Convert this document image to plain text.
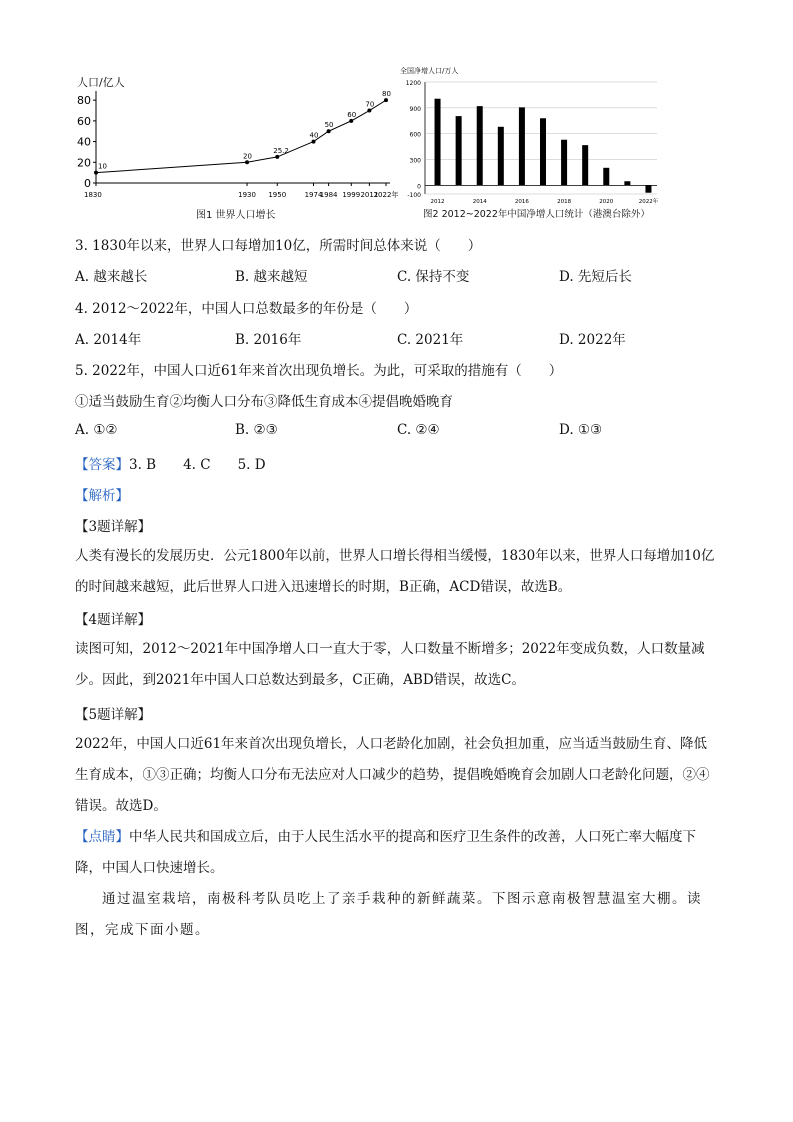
人口/亿人
0
20
40
60
80
1830	1930 1950	1974
1984 1999 2011
2022年
10
20
25.2
40
50
60
70
80
图1 世界人口增长
全国净增人口/万人
-100
0
300
600
900
1200
2012	2014	2016	2018	2020	2022年
图2 2012~2022年中国净增人口统计（港澳台除外）
3. 1830年以来，世界人口每增加10亿，所需时间总体来说（　　）
A. 越来越长	B. 越来越短	C. 保持不变	D. 先短后长
4. 2012～2022年，中国人口总数最多的年份是（　　）
A. 2014年	B. 2016年	C. 2021年	D. 2022年
5. 2022年，中国人口近61年来首次出现负增长。为此，可采取的措施有（　　）
①适当鼓励生育②均衡人口分布③降低生育成本④提倡晚婚晚育
A. ①②	B. ②③	C. ②④	D. ①③
【答案】3. B　　4. C　　5. D
【解析】
【3题详解】
人类有漫长的发展历史．公元1800年以前，世界人口增长得相当缓慢，1830年以来，世界人口每增加10亿的时间越来越短，此后世界人口进入迅速增长的时期，B正确，ACD错误，故选B。
【4题详解】
读图可知，2012～2021年中国净增人口一直大于零，人口数量不断增多；2022年变成负数，人口数量减少。因此，到2021年中国人口总数达到最多，C正确，ABD错误，故选C。
【5题详解】
2022年，中国人口近61年来首次出现负增长，人口老龄化加剧，社会负担加重，应当适当鼓励生育、降低生育成本，①③正确；均衡人口分布无法应对人口减少的趋势，提倡晚婚晚育会加剧人口老龄化问题，②④错误。故选D。
【点睛】中华人民共和国成立后，由于人民生活水平的提高和医疗卫生条件的改善，人口死亡率大幅度下降，中国人口快速增长。
通过温室栽培，南极科考队员吃上了亲手栽种的新鲜蔬菜。下图示意南极智慧温室大棚。读图，完成下面小题。
